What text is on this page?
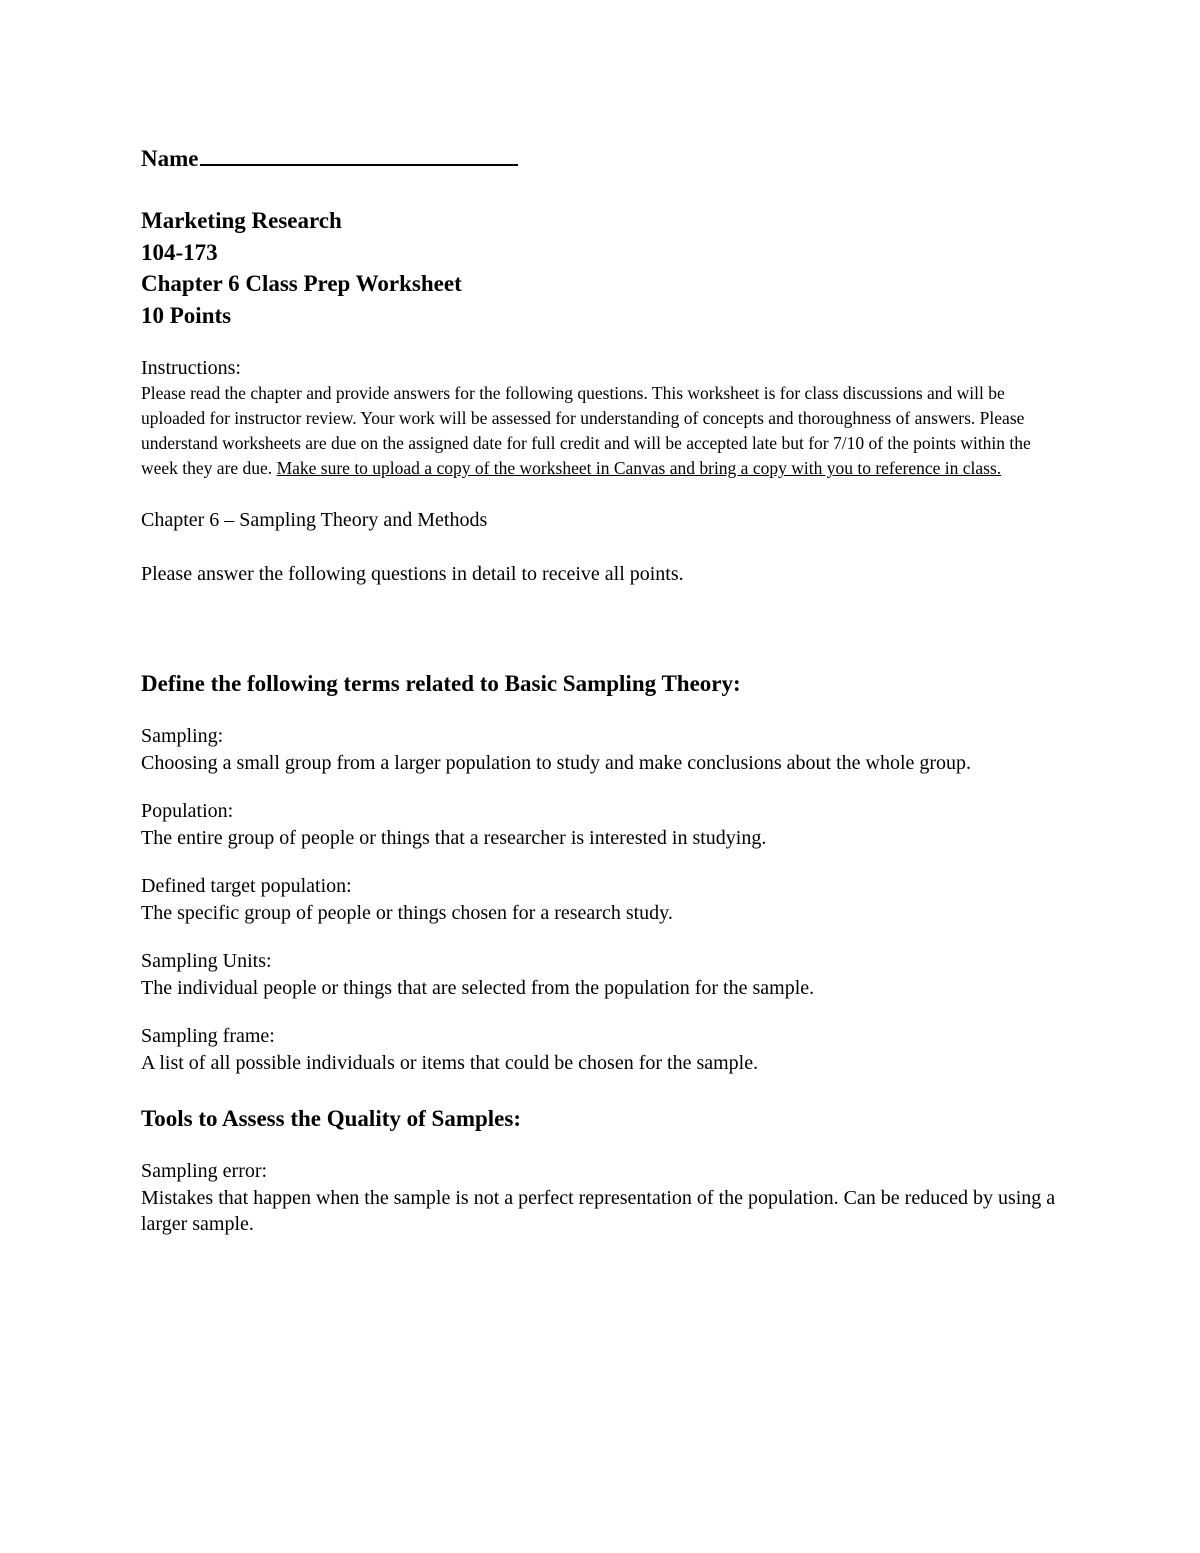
Name

Marketing Research
104-173
Chapter 6 Class Prep Worksheet
10 Points
Instructions:
Please read the chapter and provide answers for the following questions. This worksheet is for class discussions and will be uploaded for instructor review. Your work will be assessed for understanding of concepts and thoroughness of answers. Please understand worksheets are due on the assigned date for full credit and will be accepted late but for 7/10 of the points within the week they are due. Make sure to upload a copy of the worksheet in Canvas and bring a copy with you to reference in class.
Chapter 6 – Sampling Theory and Methods
Please answer the following questions in detail to receive all points.
Define the following terms related to Basic Sampling Theory:
Sampling:
Choosing a small group from a larger population to study and make conclusions about the whole group.
Population:
The entire group of people or things that a researcher is interested in studying.
Defined target population:
The specific group of people or things chosen for a research study.
Sampling Units:
The individual people or things that are selected from the population for the sample.
Sampling frame:
A list of all possible individuals or items that could be chosen for the sample.
Tools to Assess the Quality of Samples:
Sampling error:
Mistakes that happen when the sample is not a perfect representation of the population. Can be reduced by using a larger sample.
